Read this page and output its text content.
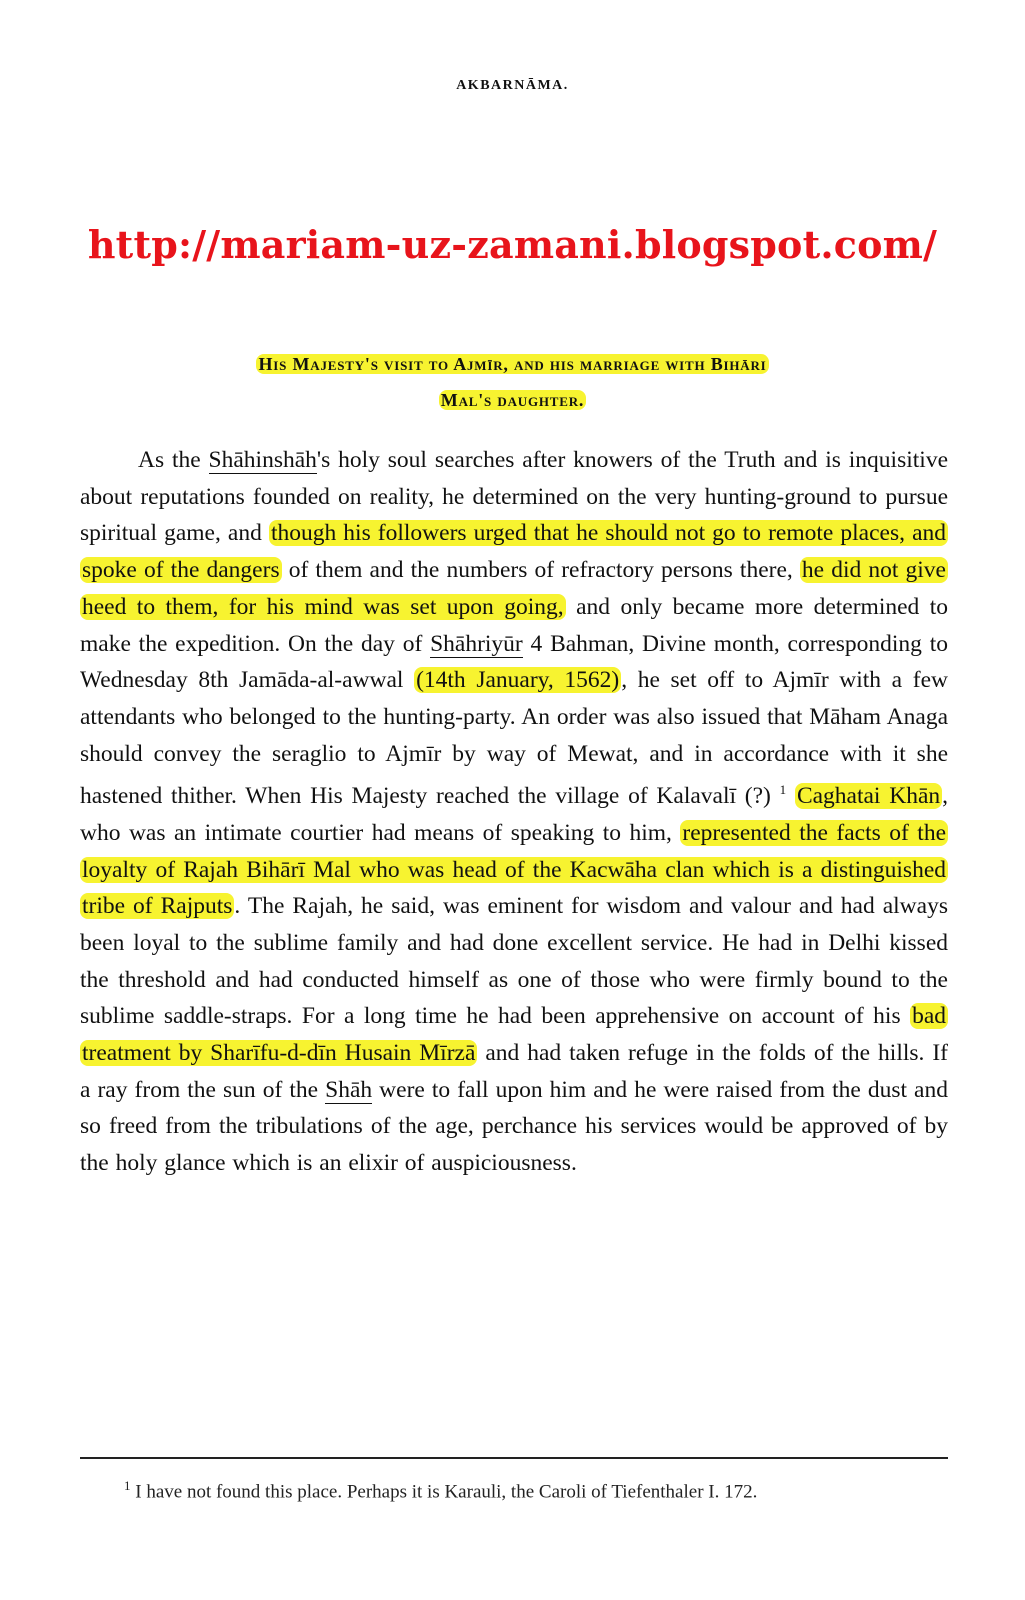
AKBARNĀMA.
http://mariam-uz-zamani.blogspot.com/
His Majesty's visit to Ajmīr, and his marriage with Bihāri
Mal's daughter.

As the Shāhinshāh's holy soul searches after knowers of the Truth and is inquisitive about reputations founded on reality, he determined on the very hunting-ground to pursue spiritual game, and though his followers urged that he should not go to remote places, and spoke of the dangers of them and the numbers of refractory persons there, he did not give heed to them, for his mind was set upon going, and only became more determined to make the expedition. On the day of Shāhriyūr 4 Bahman, Divine month, corresponding to Wednesday 8th Jamāda-al-awwal (14th January, 1562), he set off to Ajmīr with a few attendants who belonged to the hunting-party. An order was also issued that Māham Anaga should convey the seraglio to Ajmīr by way of Mewat, and in accordance with it she hastened thither. When His Majesty reached the village of Kalavalī (?) $^1$ Caghatai Khān, who was an intimate courtier had means of speaking to him, represented the facts of the loyalty of Rajah Bihārī Mal who was head of the Kacwāha clan which is a distinguished tribe of Rajputs. The Rajah, he said, was eminent for wisdom and valour and had always been loyal to the sublime family and had done excellent service. He had in Delhi kissed the threshold and had conducted himself as one of those who were firmly bound to the sublime saddle-straps. For a long time he had been apprehensive on account of his bad treatment by Sharīfu-d-dīn Husain Mīrzā and had taken refuge in the folds of the hills. If a ray from the sun of the Shāh were to fall upon him and he were raised from the dust and so freed from the tribulations of the age, perchance his services would be approved of by the holy glance which is an elixir of auspiciousness.

$^1$ I have not found this place. Perhaps it is Karauli, the Caroli of Tiefenthaler I. 172.
